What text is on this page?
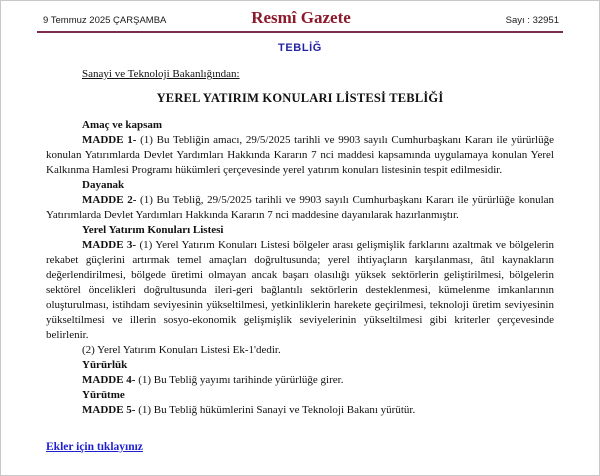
9 Temmuz 2025 ÇARŞAMBA	Resmî Gazete	Sayı : 32951
TEBLİĞ

Sanayi ve Teknoloji Bakanlığından:

YEREL YATIRIM KONULARI LİSTESİ TEBLİĞİ

Amaç ve kapsam

MADDE 1- (1) Bu Tebliğin amacı, 29/5/2025 tarihli ve 9903 sayılı Cumhurbaşkanı Kararı ile yürürlüğe konulan Yatırımlarda Devlet Yardımları Hakkında Kararın 7 nci maddesi kapsamında uygulamaya konulan Yerel Kalkınma Hamlesi Programı hükümleri çerçevesinde yerel yatırım konuları listesinin tespit edilmesidir.

Dayanak

MADDE 2- (1) Bu Tebliğ, 29/5/2025 tarihli ve 9903 sayılı Cumhurbaşkanı Kararı ile yürürlüğe konulan Yatırımlarda Devlet Yardımları Hakkında Kararın 7 nci maddesine dayanılarak hazırlanmıştır.

Yerel Yatırım Konuları Listesi

MADDE 3- (1) Yerel Yatırım Konuları Listesi bölgeler arası gelişmişlik farklarını azaltmak ve bölgelerin rekabet güçlerini artırmak temel amaçları doğrultusunda; yerel ihtiyaçların karşılanması, âtıl kaynakların değerlendirilmesi, bölgede üretimi olmayan ancak başarı olasılığı yüksek sektörlerin geliştirilmesi, bölgelerin sektörel öncelikleri doğrultusunda ileri-geri bağlantılı sektörlerin desteklenmesi, kümelenme imkanlarının oluşturulması, istihdam seviyesinin yükseltilmesi, yetkinliklerin harekete geçirilmesi, teknoloji üretim seviyesinin yükseltilmesi ve illerin sosyo-ekonomik gelişmişlik seviyelerinin yükseltilmesi gibi kriterler çerçevesinde belirlenir.

(2) Yerel Yatırım Konuları Listesi Ek-1'dedir.

Yürürlük

MADDE 4- (1) Bu Tebliğ yayımı tarihinde yürürlüğe girer.

Yürütme

MADDE 5- (1) Bu Tebliğ hükümlerini Sanayi ve Teknoloji Bakanı yürütür.

Ekler için tıklayınız
